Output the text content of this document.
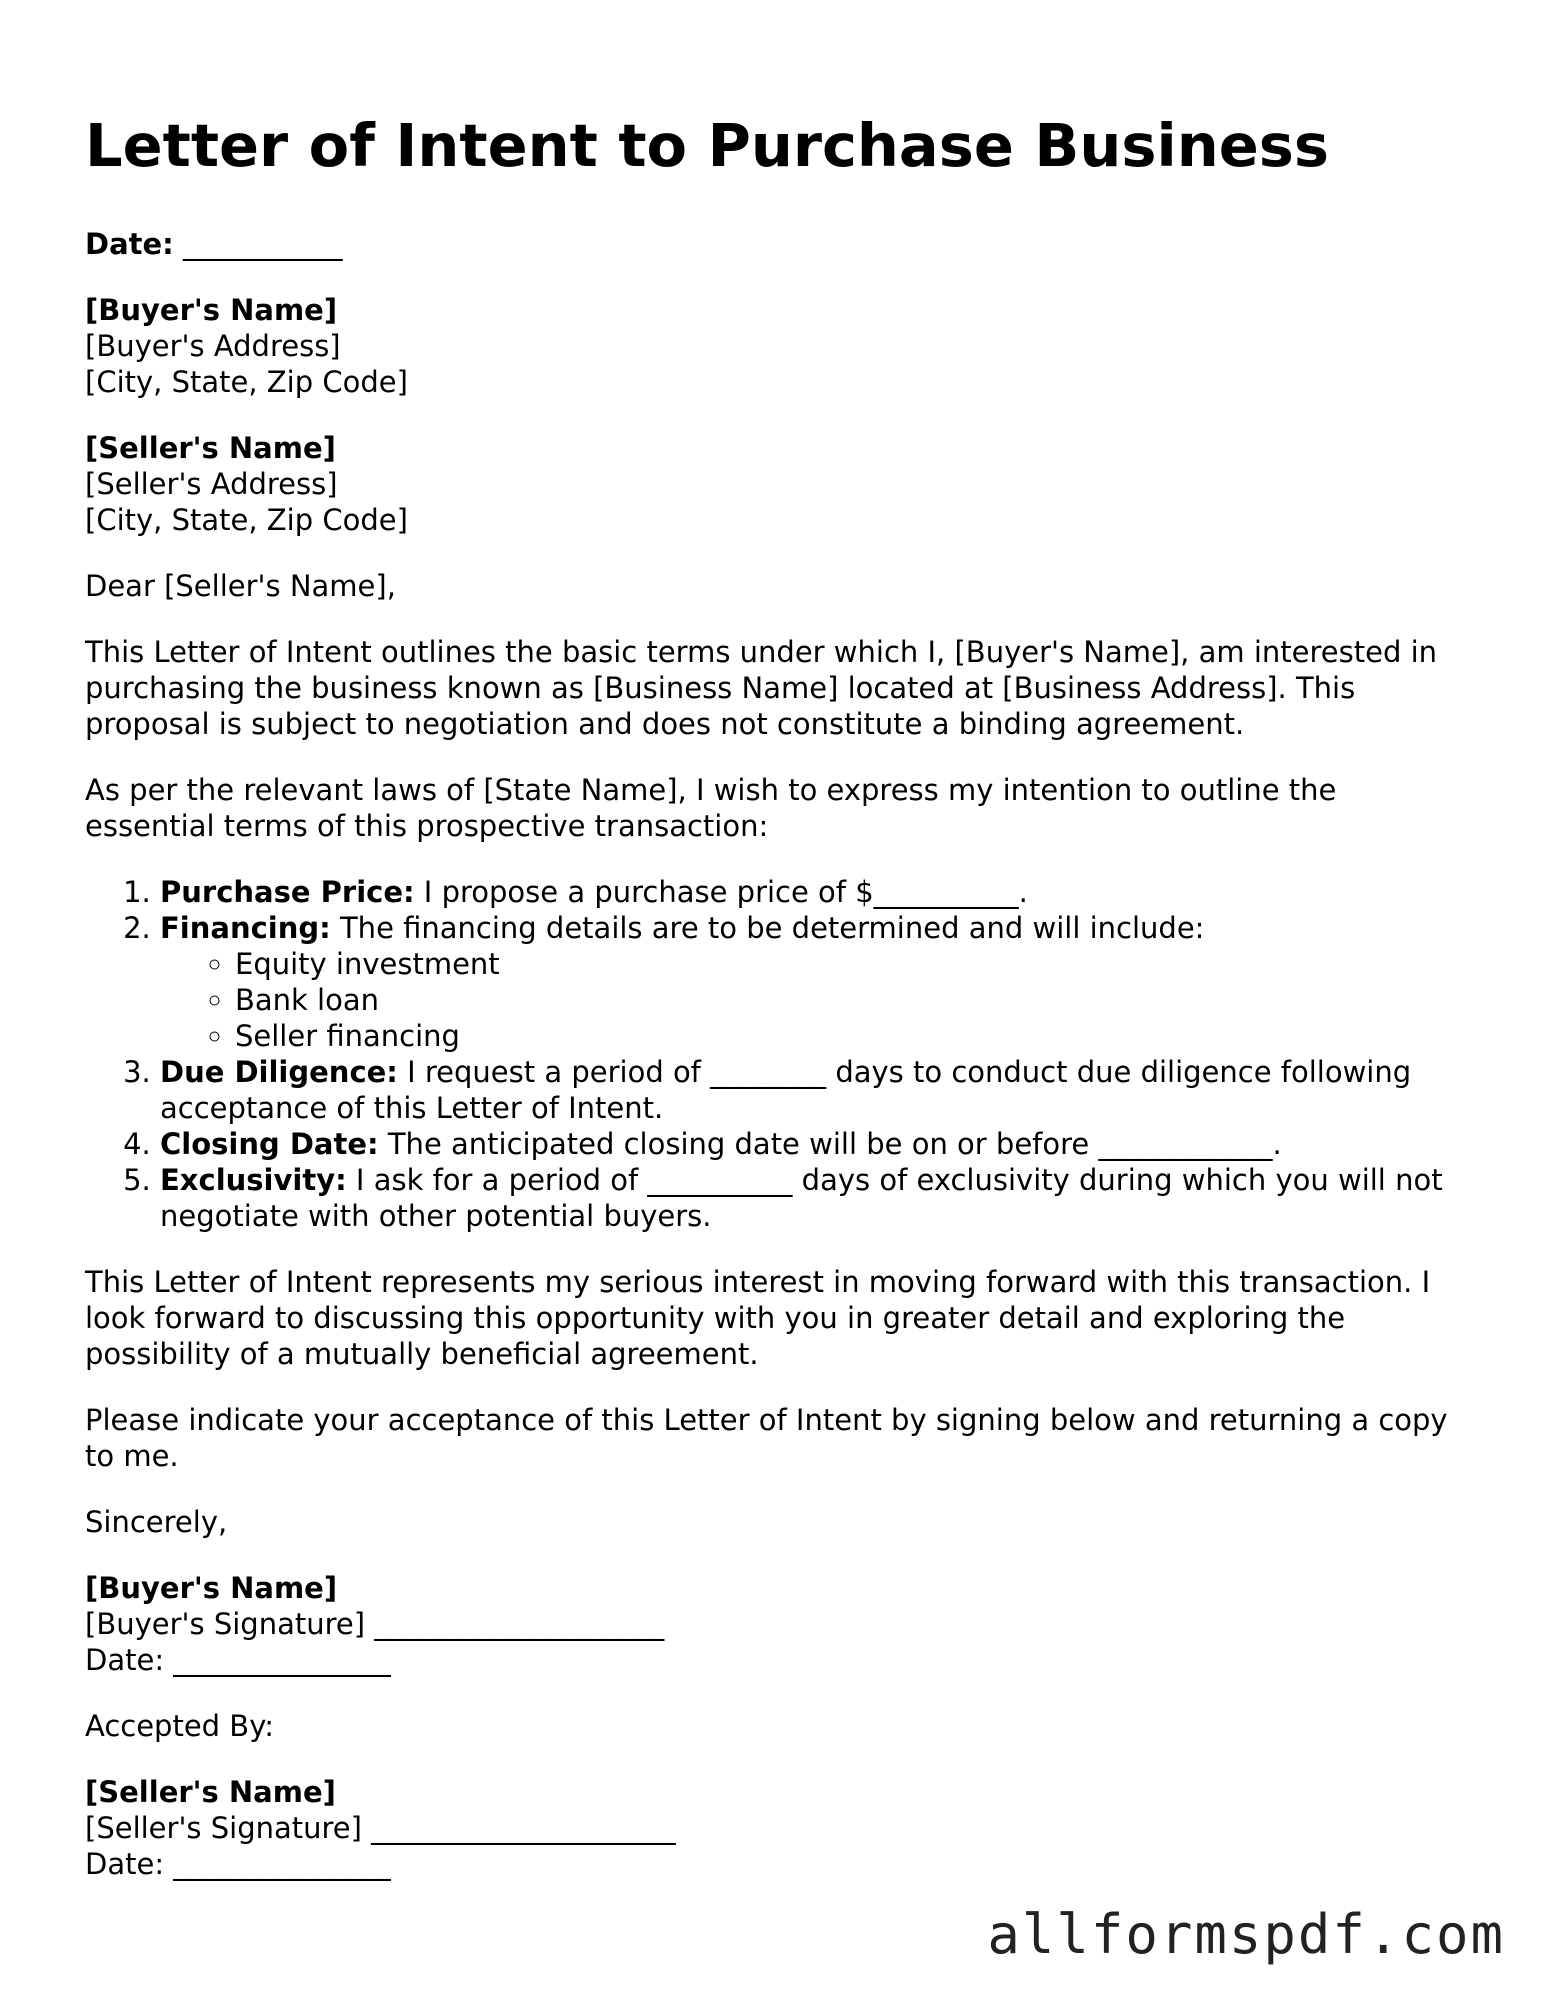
Letter of Intent to Purchase Business

Date: ___________

[Buyer's Name]
[Buyer's Address]
[City, State, Zip Code]
[Seller's Name]
[Seller's Address]
[City, State, Zip Code]

Dear [Seller's Name],

This Letter of Intent outlines the basic terms under which I, [Buyer's Name], am interested in purchasing the business known as [Business Name] located at [Business Address]. This proposal is subject to negotiation and does not constitute a binding agreement.

As per the relevant laws of [State Name], I wish to express my intention to outline the essential terms of this prospective transaction:

1. Purchase Price: I propose a purchase price of $__________.
2. Financing: The financing details are to be determined and will include:
◦ Equity investment
◦ Bank loan
◦ Seller financing
3. Due Diligence: I request a period of ________ days to conduct due diligence following acceptance of this Letter of Intent.
4. Closing Date: The anticipated closing date will be on or before ____________.
5. Exclusivity: I ask for a period of __________ days of exclusivity during which you will not negotiate with other potential buyers.

This Letter of Intent represents my serious interest in moving forward with this transaction. I look forward to discussing this opportunity with you in greater detail and exploring the possibility of a mutually beneficial agreement.

Please indicate your acceptance of this Letter of Intent by signing below and returning a copy to me.

Sincerely,

[Buyer's Name]
[Buyer's Signature] ____________________
Date: _______________

Accepted By:

[Seller's Name]
[Seller's Signature] _____________________
Date: _______________
allformspdf.com
